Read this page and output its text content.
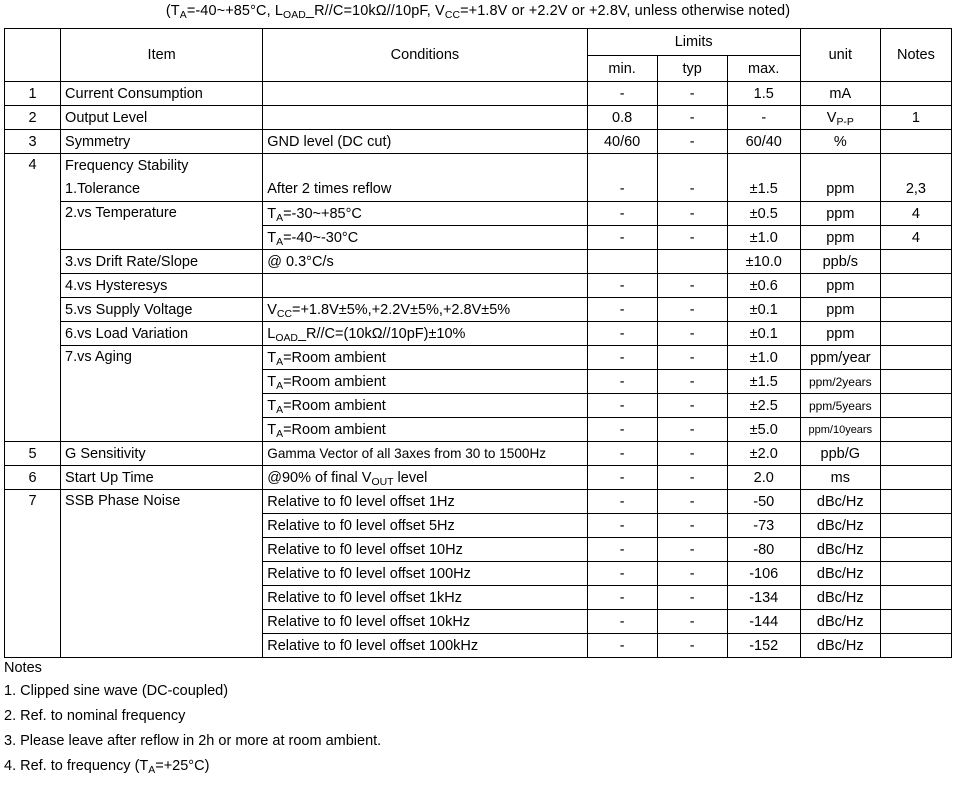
($T_A=-40\sim+85^\circ C$, $L_{OAD}\_R//C=10k\Omega//10pF$, $V_{CC}=+1.8V$ or +2.2V or +2.8V, unless otherwise noted)
	Item	Conditions	Limits			unit	Notes
			min.	typ	max.		
1	Current Consumption		-	-	1.5	mA	
2	Output Level		0.8	-	-	$V_{P-P}$	1
3	Symmetry	GND level (DC cut)	40/60	-	60/40	%	
4	Frequency Stability						
	1.Tolerance	After 2 times reflow	-	-	±1.5	ppm	2,3
	2.vs Temperature	$T_A=-30\sim+85^\circ C$	-	-	±0.5	ppm	4
		$T_A=-40\sim-30^\circ C$	-	-	±1.0	ppm	4
	3.vs Drift Rate/Slope	@ 0.3°C/s			±10.0	ppb/s	
	4.vs Hysteresys		-	-	±0.6	ppm	
	5.vs Supply Voltage	$V_{CC}=+1.8V\pm 5\%,+2.2V\pm 5\%,+2.8V\pm 5\%$	-	-	±0.1	ppm	
	6.vs Load Variation	$L_{OAD}\_R//C=(10k\Omega//10pF)\pm 10\%$	-	-	±0.1	ppm	
	7.vs Aging	$T_A=Room$ ambient	-	-	±1.0	ppm/year	
		$T_A=Room$ ambient	-	-	±1.5	ppm/2years	
		$T_A=Room$ ambient	-	-	±2.5	ppm/5years	
		$T_A=Room$ ambient	-	-	±5.0	ppm/10years	
5	G Sensitivity	Gamma Vector of all 3axes from 30 to 1500Hz	-	-	±2.0	ppb/G	
6	Start Up Time	@90% of final $V_{OUT}$ level	-	-	2.0	ms	
7	SSB Phase Noise	Relative to f0 level offset 1Hz	-	-	-50	dBc/Hz	
		Relative to f0 level offset 5Hz	-	-	-73	dBc/Hz	
		Relative to f0 level offset 10Hz	-	-	-80	dBc/Hz	
		Relative to f0 level offset 100Hz	-	-	-106	dBc/Hz	
		Relative to f0 level offset 1kHz	-	-	-134	dBc/Hz	
		Relative to f0 level offset 10kHz	-	-	-144	dBc/Hz	
		Relative to f0 level offset 100kHz	-	-	-152	dBc/Hz	
Notes
1. Clipped sine wave (DC-coupled)
2. Ref. to nominal frequency
3. Please leave after reflow in 2h or more at room ambient.
4. Ref. to frequency $(T_A=+25^\circ C)$
